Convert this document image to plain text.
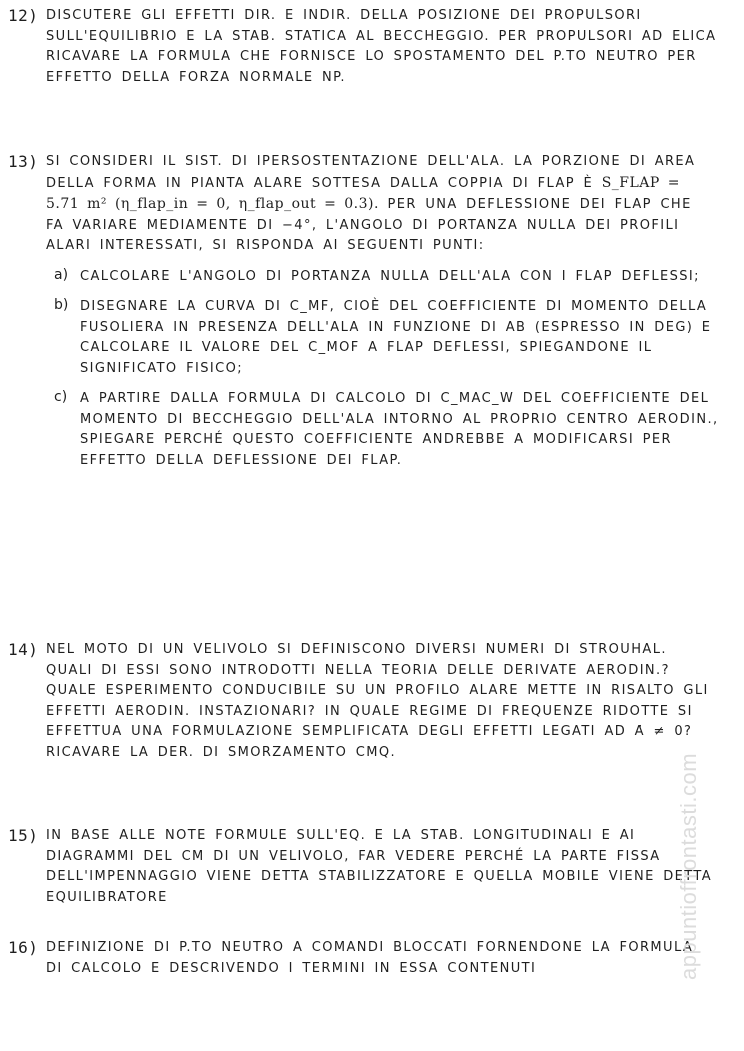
12) DISCUTERE GLI EFFETTI DIR. E INDIR. DELLA POSIZIONE DEI PROPULSORI SULL'EQUILIBRIO E LA STAB. STATICA AL BECCHEGGIO. PER PROPULSORI AD ELICA RICAVARE LA FORMULA CHE FORNISCE LO SPOSTAMENTO DEL P.TO NEUTRO PER EFFETTO DELLA FORZA NORMALE NP.
13) SI CONSIDERI IL SIST. DI IPERSOSTENTAZIONE DELL'ALA. LA PORZIONE DI AREA DELLA FORMA IN PIANTA ALARE SOTTESA DALLA COPPIA DI FLAP È S_FLAP = 5.71 m² (η_flap_in = 0, η_flap_out = 0.3). PER UNA DEFLESSIONE DEI FLAP CHE FA VARIARE MEDIAMENTE DI −4°, L'ANGOLO DI PORTANZA NULLA DEI PROFILI ALARI INTERESSATI, SI RISPONDA AI SEGUENTI PUNTI:
a) CALCOLARE L'ANGOLO DI PORTANZA NULLA DELL'ALA CON I FLAP DEFLESSI;
b) DISEGNARE LA CURVA DI C_MF, CIOÈ DEL COEFFICIENTE DI MOMENTO DELLA FUSOLIERA IN PRESENZA DELL'ALA IN FUNZIONE DI ΑB (ESPRESSO IN DEG) E CALCOLARE IL VALORE DEL C_MOF A FLAP DEFLESSI, SPIEGANDONE IL SIGNIFICATO FISICO;
c) A PARTIRE DALLA FORMULA DI CALCOLO DI C_MAC_W DEL COEFFICIENTE DEL MOMENTO DI BECCHEGGIO DELL'ALA INTORNO AL PROPRIO CENTRO AERODIN., SPIEGARE PERCHÉ QUESTO COEFFICIENTE ANDREBBE A MODIFICARSI PER EFFETTO DELLA DEFLESSIONE DEI FLAP.
14) NEL MOTO DI UN VELIVOLO SI DEFINISCONO DIVERSI NUMERI DI STROUHAL. QUALI DI ESSI SONO INTRODOTTI NELLA TEORIA DELLE DERIVATE AERODIN.? QUALE ESPERIMENTO CONDUCIBILE SU UN PROFILO ALARE METTE IN RISALTO GLI EFFETTI AERODIN. INSTAZIONARI? IN QUALE REGIME DI FREQUENZE RIDOTTE SI EFFETTUA UNA FORMULAZIONE SEMPLIFICATA DEGLI EFFETTI LEGATI AD Α̇ ≠ 0? RICAVARE LA DER. DI SMORZAMENTO CMQ.
15) IN BASE ALLE NOTE FORMULE SULL'EQ. E LA STAB. LONGITUDINALI E AI DIAGRAMMI DEL CM DI UN VELIVOLO, FAR VEDERE PERCHÉ LA PARTE FISSA DELL'IMPENNAGGIO VIENE DETTA STABILIZZATORE E QUELLA MOBILE VIENE DETTA EQUILIBRATORE
16) DEFINIZIONE DI P.TO NEUTRO A COMANDI BLOCCATI FORNENDONE LA FORMULA DI CALCOLO E DESCRIVENDO I TERMINI IN ESSA CONTENUTI	appuntioffrontasti.com
